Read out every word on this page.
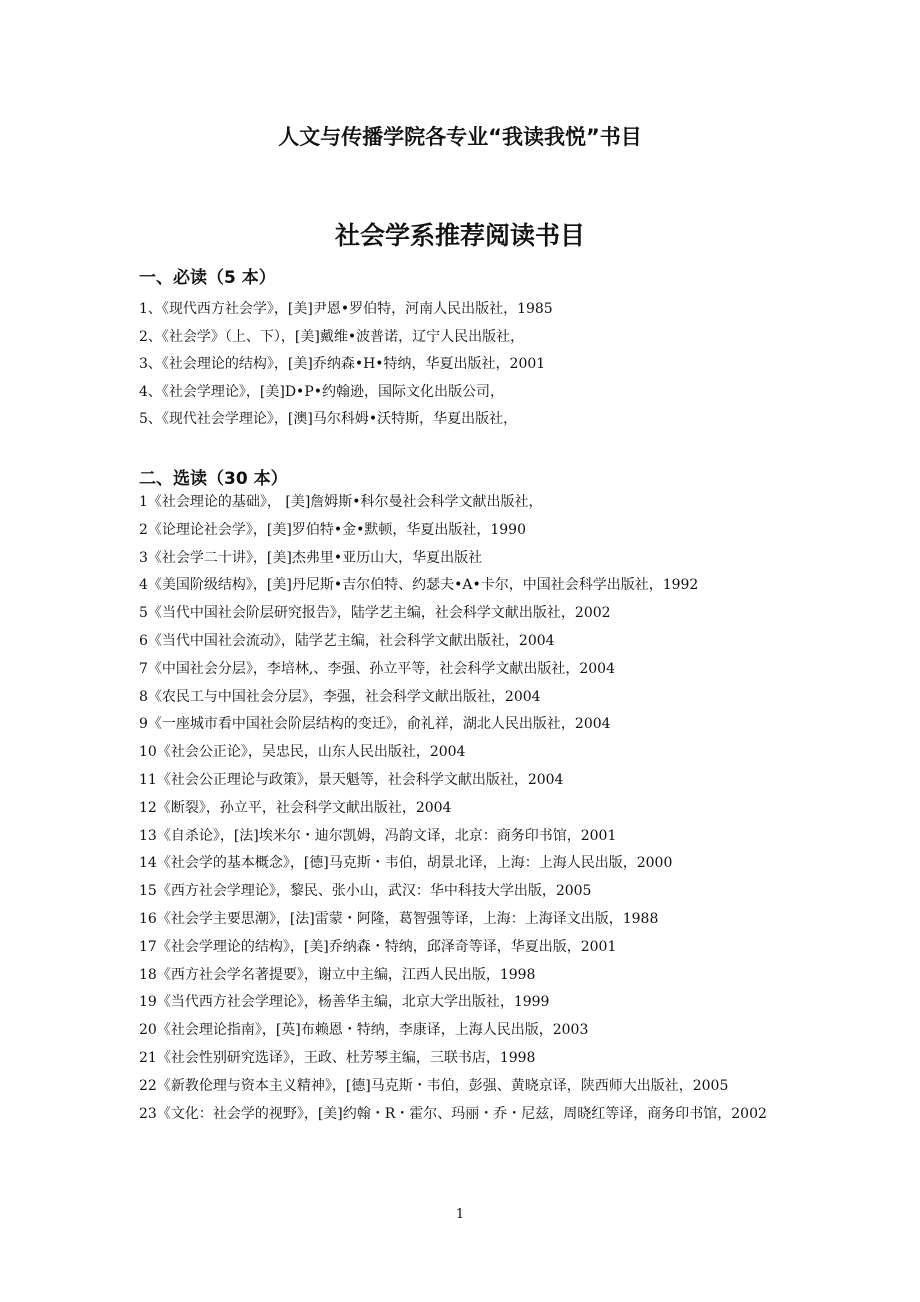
人文与传播学院各专业“我读我悦”书目
社会学系推荐阅读书目
一、必读（5 本）
1、《现代西方社会学》，[美]尹恩•罗伯特，河南人民出版社，1985
2、《社会学》（上、下），[美]戴维•波普诺，辽宁人民出版社，
3、《社会理论的结构》，[美]乔纳森•H•特纳，华夏出版社，2001
4、《社会学理论》，[美]D•P•约翰逊，国际文化出版公司，
5、《现代社会学理论》，[澳]马尔科姆•沃特斯，华夏出版社，
二、选读（30 本）
1《社会理论的基础》， [美]詹姆斯•科尔曼社会科学文献出版社，
2《论理论社会学》，[美]罗伯特•金•默顿，华夏出版社，1990
3《社会学二十讲》，[美]杰弗里•亚历山大，华夏出版社
4《美国阶级结构》，[美]丹尼斯•吉尔伯特、约瑟夫•A•卡尔，中国社会科学出版社，1992
5《当代中国社会阶层研究报告》，陆学艺主编，社会科学文献出版社，2002
6《当代中国社会流动》，陆学艺主编，社会科学文献出版社，2004
7《中国社会分层》，李培林,、李强、孙立平等，社会科学文献出版社，2004
8《农民工与中国社会分层》，李强，社会科学文献出版社，2004
9《一座城市看中国社会阶层结构的变迁》，俞礼祥，湖北人民出版社，2004
10《社会公正论》，吴忠民，山东人民出版社，2004
11《社会公正理论与政策》，景天魁等，社会科学文献出版社，2004
12《断裂》，孙立平，社会科学文献出版社，2004
13《自杀论》，[法]埃米尔・迪尔凯姆，冯韵文译，北京：商务印书馆，2001
14《社会学的基本概念》，[德]马克斯・韦伯，胡景北译，上海：上海人民出版，2000
15《西方社会学理论》，黎民、张小山，武汉：华中科技大学出版，2005
16《社会学主要思潮》，[法]雷蒙・阿隆，葛智强等译，上海：上海译文出版，1988
17《社会学理论的结构》，[美]乔纳森・特纳，邱泽奇等译，华夏出版，2001
18《西方社会学名著提要》，谢立中主编，江西人民出版，1998
19《当代西方社会学理论》，杨善华主编，北京大学出版社，1999
20《社会理论指南》，[英]布赖恩・特纳，李康译，上海人民出版，2003
21《社会性别研究选译》，王政、杜芳琴主编，三联书店，1998
22《新教伦理与资本主义精神》，[德]马克斯・韦伯，彭强、黄晓京译，陕西师大出版社，2005
23《文化：社会学的视野》，[美]约翰・R・霍尔、玛丽・乔・尼兹，周晓红等译，商务印书馆，2002
1
